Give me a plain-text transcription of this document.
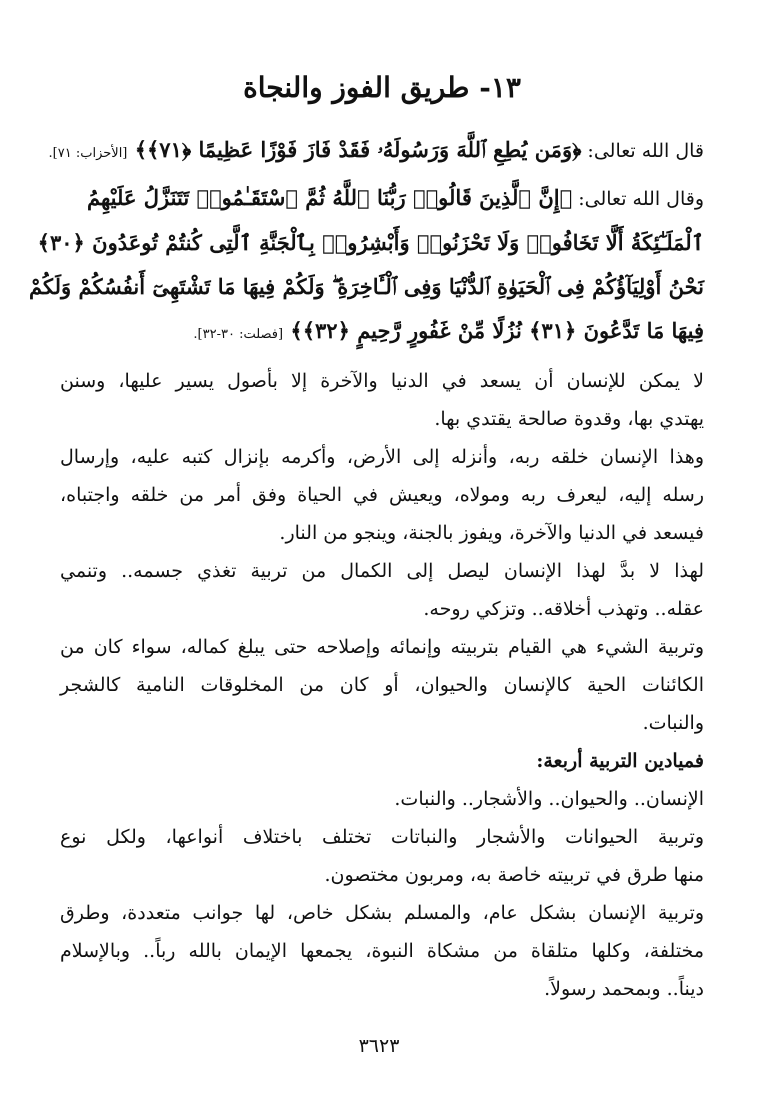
١٣- طريق الفوز والنجاة
قال الله تعالى: ﴿وَمَن يُطِعِ ٱللَّهَ وَرَسُولَهُۥ فَقَدْ فَازَ فَوْزًا عَظِيمًا ﴿٧١﴾﴾ [الأحزاب: ٧١].
وقال الله تعالى: ﴿إِنَّ ٱلَّذِينَ قَالُوا۟ رَبُّنَا ٱللَّهُ ثُمَّ ٱسْتَقَـٰمُوا۟ تَتَنَزَّلُ عَلَيْهِمُ
ٱلْمَلَـٰٓئِكَةُ أَلَّا تَخَافُوا۟ وَلَا تَحْزَنُوا۟ وَأَبْشِرُوا۟ بِٱلْجَنَّةِ ٱلَّتِى كُنتُمْ تُوعَدُونَ ﴿٣٠﴾
نَحْنُ أَوْلِيَآؤُكُمْ فِى ٱلْحَيَوٰةِ ٱلدُّنْيَا وَفِى ٱلْـَٔاخِرَةِ ۖ وَلَكُمْ فِيهَا مَا تَشْتَهِىٓ أَنفُسُكُمْ وَلَكُمْ
فِيهَا مَا تَدَّعُونَ ﴿٣١﴾ نُزُلًا مِّنْ غَفُورٍ رَّحِيمٍ ﴿٣٢﴾﴾ [فصلت: ٣٠-٣٢].
لا يمكن للإنسان أن يسعد في الدنيا والآخرة إلا بأصول يسير عليها، وسنن
يهتدي بها، وقدوة صالحة يقتدي بها.
وهذا الإنسان خلقه ربه، وأنزله إلى الأرض، وأكرمه بإنزال كتبه عليه، وإرسال
رسله إليه، ليعرف ربه ومولاه، ويعيش في الحياة وفق أمر من خلقه واجتباه،
فيسعد في الدنيا والآخرة، ويفوز بالجنة، وينجو من النار.
لهذا لا بدَّ لهذا الإنسان ليصل إلى الكمال من تربية تغذي جسمه.. وتنمي
عقله.. وتهذب أخلاقه.. وتزكي روحه.
وتربية الشيء هي القيام بتربيته وإنمائه وإصلاحه حتى يبلغ كماله، سواء كان من
الكائنات الحية كالإنسان والحيوان، أو كان من المخلوقات النامية كالشجر
والنبات.
فميادين التربية أربعة:
الإنسان.. والحيوان.. والأشجار.. والنبات.
وتربية الحيوانات والأشجار والنباتات تختلف باختلاف أنواعها، ولكل نوع
منها طرق في تربيته خاصة به، ومربون مختصون.
وتربية الإنسان بشكل عام، والمسلم بشكل خاص، لها جوانب متعددة، وطرق
مختلفة، وكلها متلقاة من مشكاة النبوة، يجمعها الإيمان بالله رباً.. وبالإسلام
ديناً.. وبمحمد رسولاً.
٣٦٢٣
